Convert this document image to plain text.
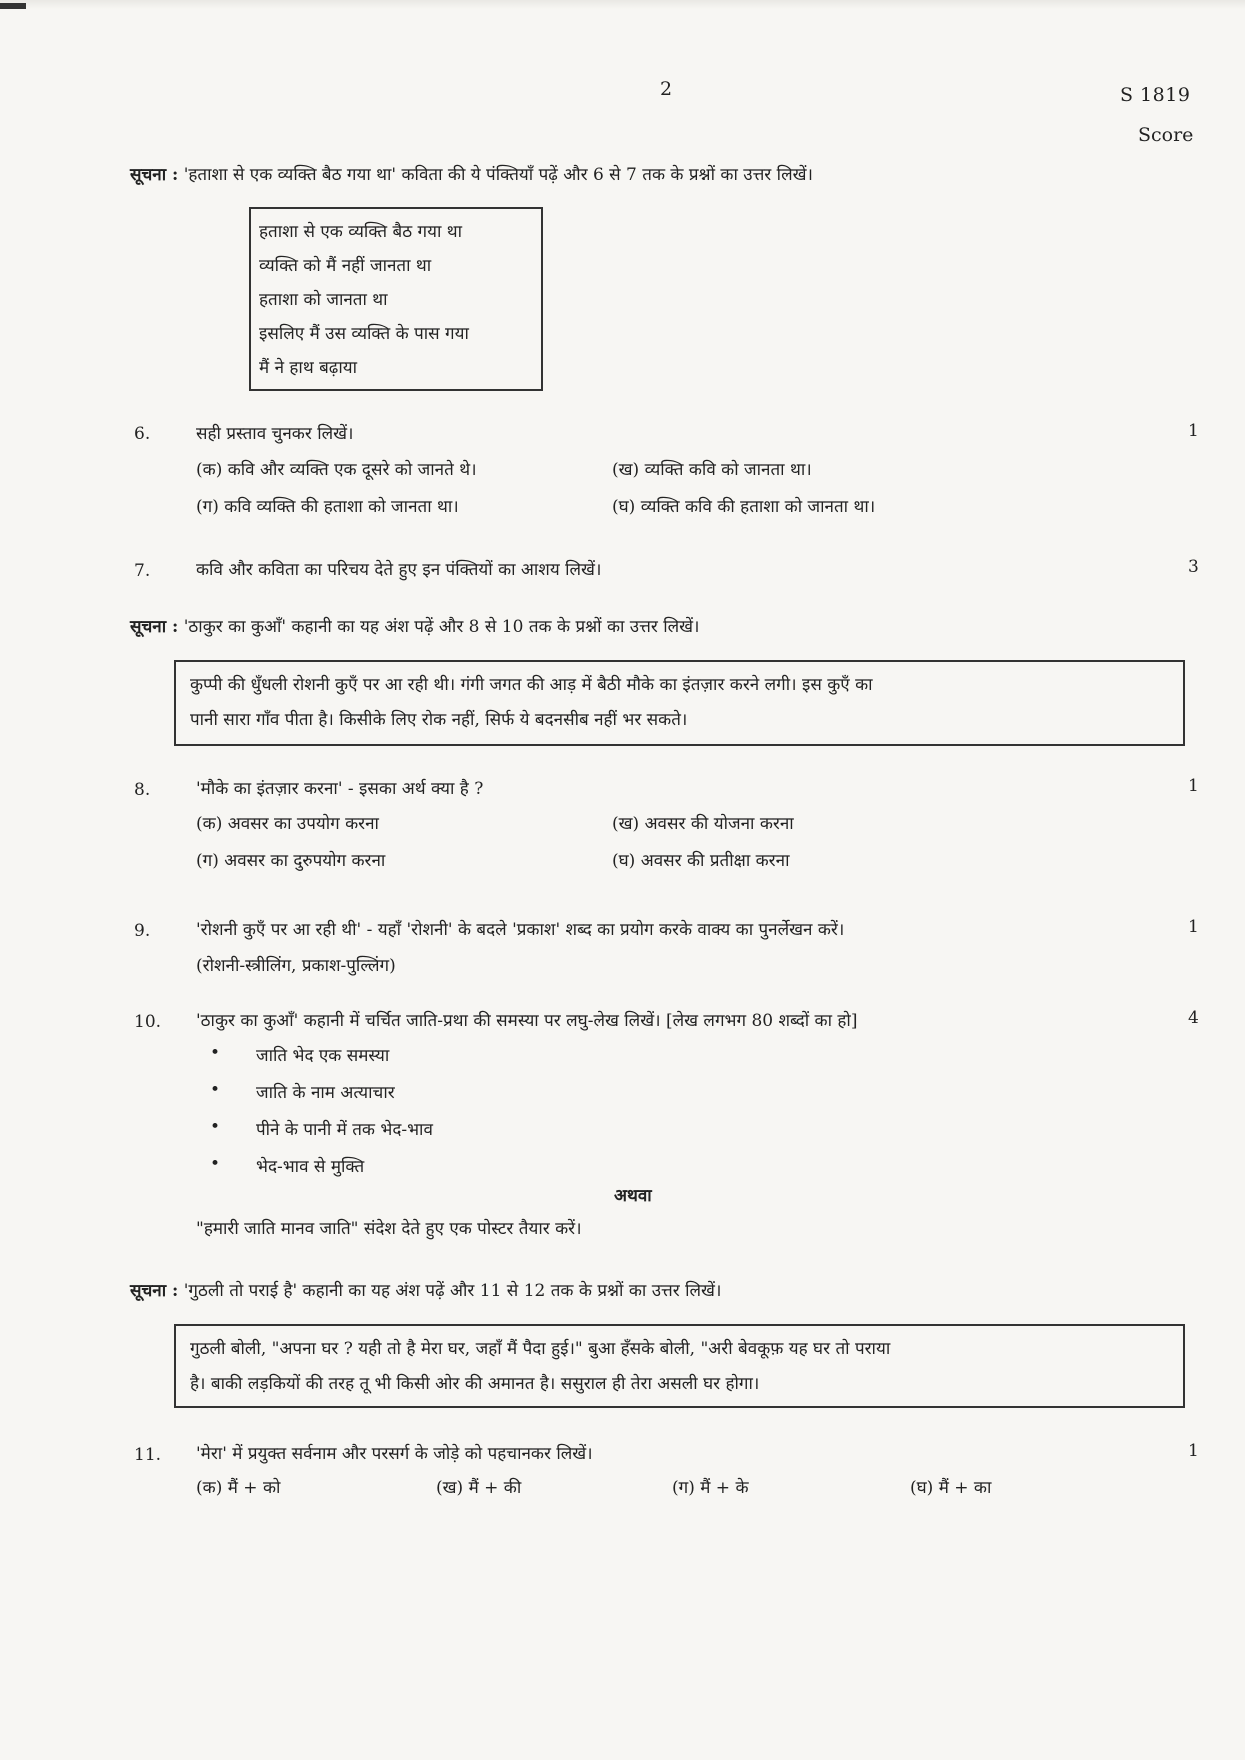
2	S 1819
Score
सूचना : 'हताशा से एक व्यक्ति बैठ गया था' कविता की ये पंक्तियाँ पढ़ें और 6 से 7 तक के प्रश्नों का उत्तर लिखें।
हताशा से एक व्यक्ति बैठ गया था
व्यक्ति को मैं नहीं जानता था
हताशा को जानता था
इसलिए मैं उस व्यक्ति के पास गया
मैं ने हाथ बढ़ाया
6.	सही प्रस्ताव चुनकर लिखें।	1
(क) कवि और व्यक्ति एक दूसरे को जानते थे।	(ख) व्यक्ति कवि को जानता था।
(ग) कवि व्यक्ति की हताशा को जानता था।	(घ) व्यक्ति कवि की हताशा को जानता था।
7.	कवि और कविता का परिचय देते हुए इन पंक्तियों का आशय लिखें।	3
सूचना : 'ठाकुर का कुआँ' कहानी का यह अंश पढ़ें और 8 से 10 तक के प्रश्नों का उत्तर लिखें।
कुप्पी की धुँधली रोशनी कुएँ पर आ रही थी। गंगी जगत की आड़ में बैठी मौके का इंतज़ार करने लगी। इस कुएँ का
पानी सारा गाँव पीता है। किसीके लिए रोक नहीं, सिर्फ ये बदनसीब नहीं भर सकते।
8.	'मौके का इंतज़ार करना' - इसका अर्थ क्या है ?	1
(क) अवसर का उपयोग करना	(ख) अवसर की योजना करना
(ग) अवसर का दुरुपयोग करना	(घ) अवसर की प्रतीक्षा करना
9.	'रोशनी कुएँ पर आ रही थी' - यहाँ 'रोशनी' के बदले 'प्रकाश' शब्द का प्रयोग करके वाक्य का पुनर्लेखन करें।	1
(रोशनी-स्त्रीलिंग, प्रकाश-पुल्लिंग)
10. 'ठाकुर का कुआँ' कहानी में चर्चित जाति-प्रथा की समस्या पर लघु-लेख लिखें। [लेख लगभग 80 शब्दों का हो]	4
• जाति भेद एक समस्या
• जाति के नाम अत्याचार
• पीने के पानी में तक भेद-भाव
• भेद-भाव से मुक्ति
अथवा
"हमारी जाति मानव जाति" संदेश देते हुए एक पोस्टर तैयार करें।
सूचना : 'गुठली तो पराई है' कहानी का यह अंश पढ़ें और 11 से 12 तक के प्रश्नों का उत्तर लिखें।
गुठली बोली, "अपना घर ? यही तो है मेरा घर, जहाँ मैं पैदा हुई।" बुआ हँसके बोली, "अरी बेवकूफ़ यह घर तो पराया
है। बाकी लड़कियों की तरह तू भी किसी ओर की अमानत है। ससुराल ही तेरा असली घर होगा।
11. 'मेरा' में प्रयुक्त सर्वनाम और परसर्ग के जोड़े को पहचानकर लिखें।	1
(क) मैं + को	(ख) मैं + की	(ग) मैं + के	(घ) मैं + का
